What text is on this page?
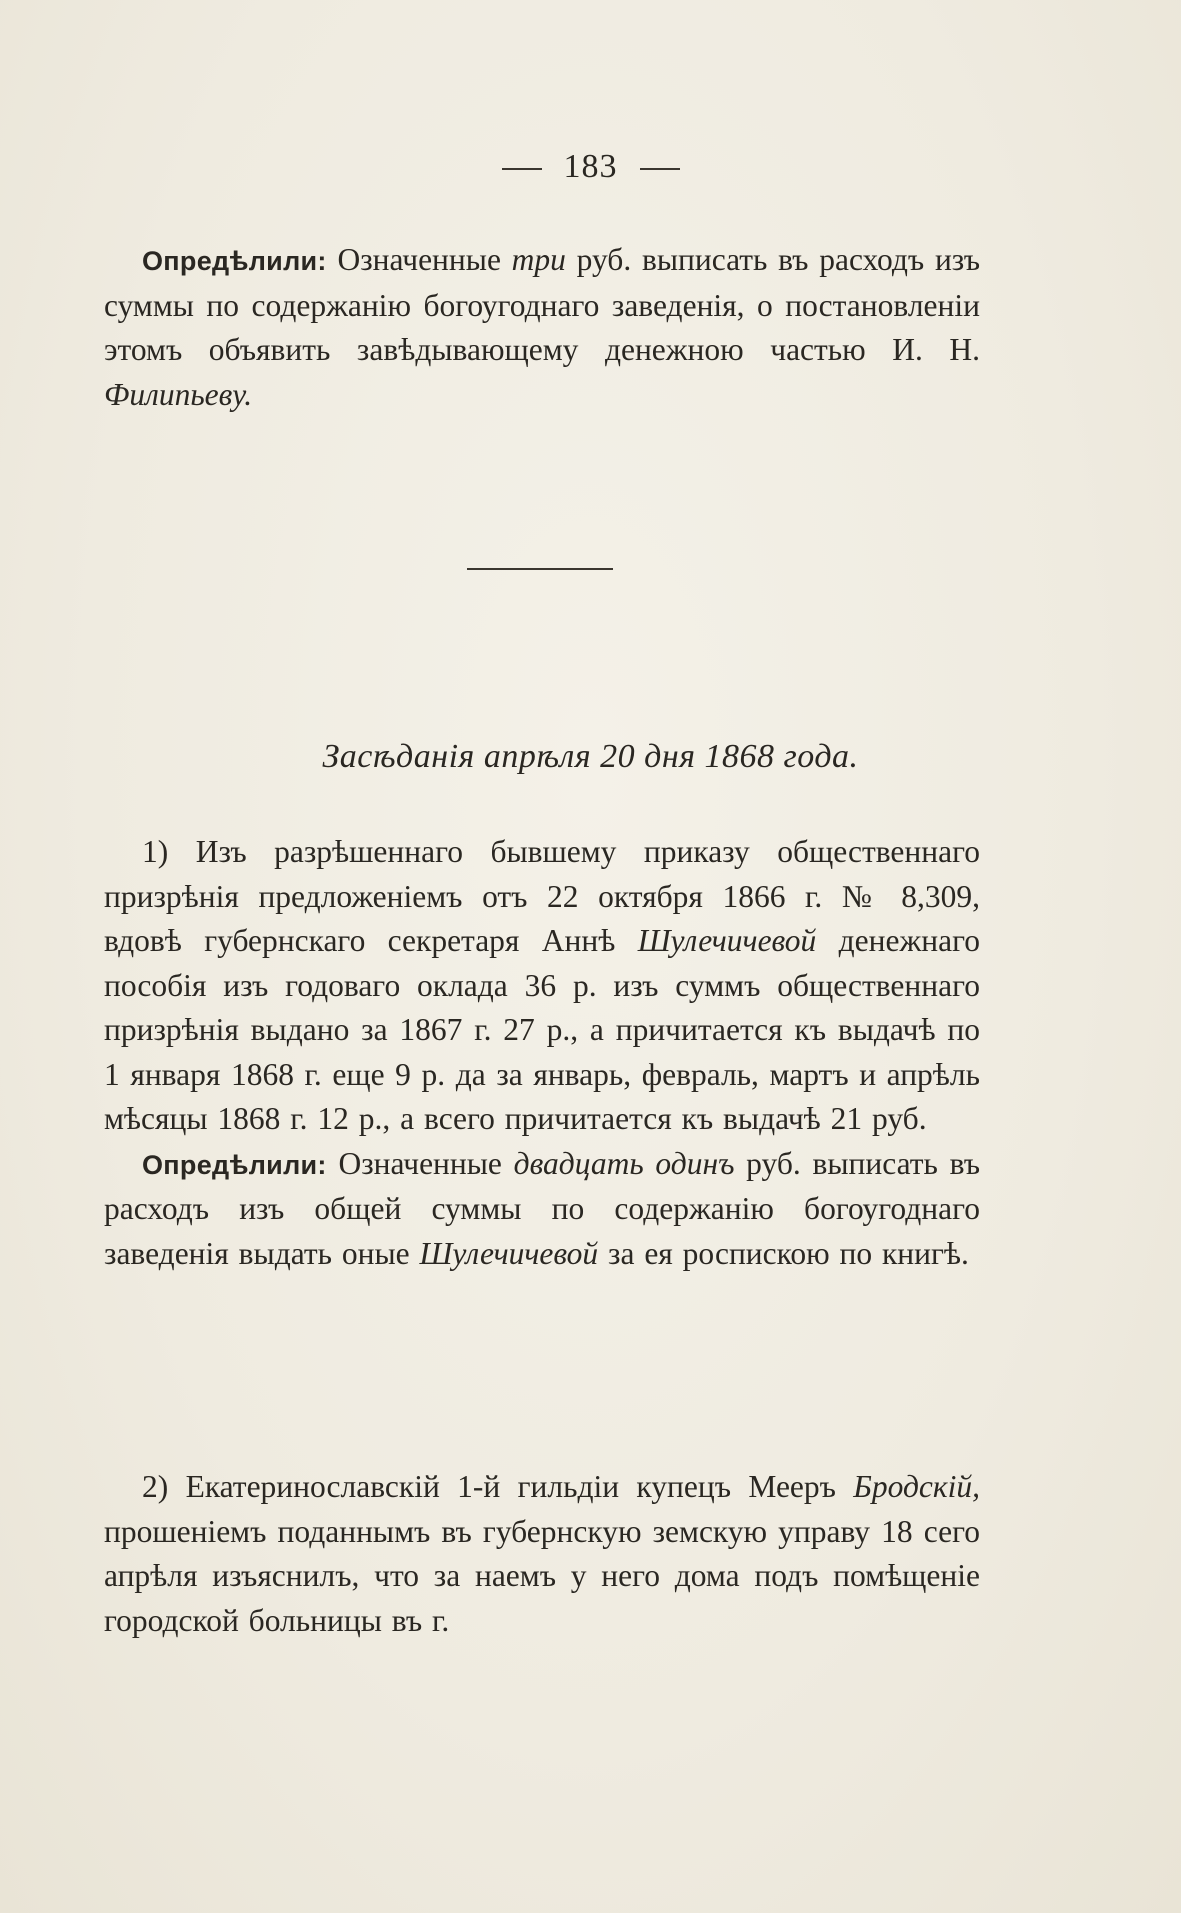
183

Опредѣлили: Означенные три руб. выписать въ расходъ изъ суммы по содержанію богоугоднаго заведенія, о постановленіи этомъ объявить завѣдывающему денежною частью И. Н. Филипьеву.

Засѣданія апрѣля 20 дня 1868 года.

1) Изъ разрѣшеннаго бывшему приказу общественнаго призрѣнія предложеніемъ отъ 22 октября 1866 г. № 8,309, вдовѣ губернскаго секретаря Аннѣ Шулечичевой денежнаго пособія изъ годоваго оклада 36 р. изъ суммъ общественнаго призрѣнія выдано за 1867 г. 27 р., а причитается къ выдачѣ по 1 января 1868 г. еще 9 р. да за январь, февраль, мартъ и апрѣль мѣсяцы 1868 г. 12 р., а всего причитается къ выдачѣ 21 руб.

Опредѣлили: Означенные двадцать одинъ руб. выписать въ расходъ изъ общей суммы по содержанію богоугоднаго заведенія выдать оные Шулечичевой за ея роспискою по книгѣ.

2) Екатеринославскій 1-й гильдіи купецъ Мееръ Бродскій, прошеніемъ поданнымъ въ губернскую земскую управу 18 сего апрѣля изъяснилъ, что за наемъ у него дома подъ помѣщеніе городской больницы въ г.
